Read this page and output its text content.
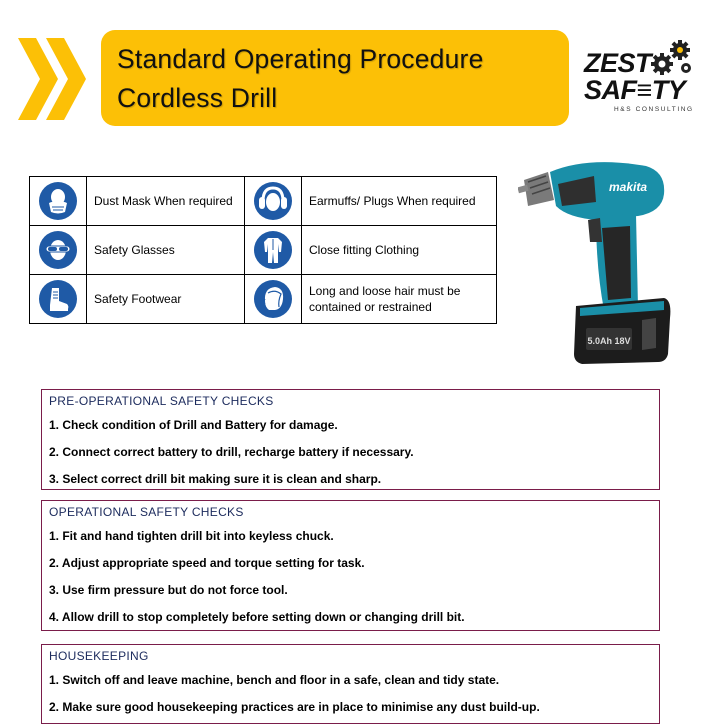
Standard Operating Procedure
Cordless Drill
ZEST
SAF≡TY
H&S CONSULTING
	Dust Mask When required		Earmuffs/ Plugs When required
	Safety Glasses		Close fitting Clothing
	Safety Footwear		Long and loose hair must be contained or restrained
makita
5.0Ah 18V
PRE-OPERATIONAL SAFETY CHECKS
1. Check condition of Drill and Battery for damage.
2. Connect correct battery to drill, recharge battery if necessary.
3. Select correct drill bit making sure it is clean and sharp.
OPERATIONAL SAFETY CHECKS
1. Fit and hand tighten drill bit into keyless chuck.
2. Adjust appropriate speed and torque setting for task.
3. Use firm pressure but do not force tool.
4. Allow drill to stop completely before setting down or changing drill bit.
HOUSEKEEPING
1. Switch off and leave machine, bench and floor in a safe, clean and tidy state.
2. Make sure good housekeeping practices are in place to minimise any dust build-up.
